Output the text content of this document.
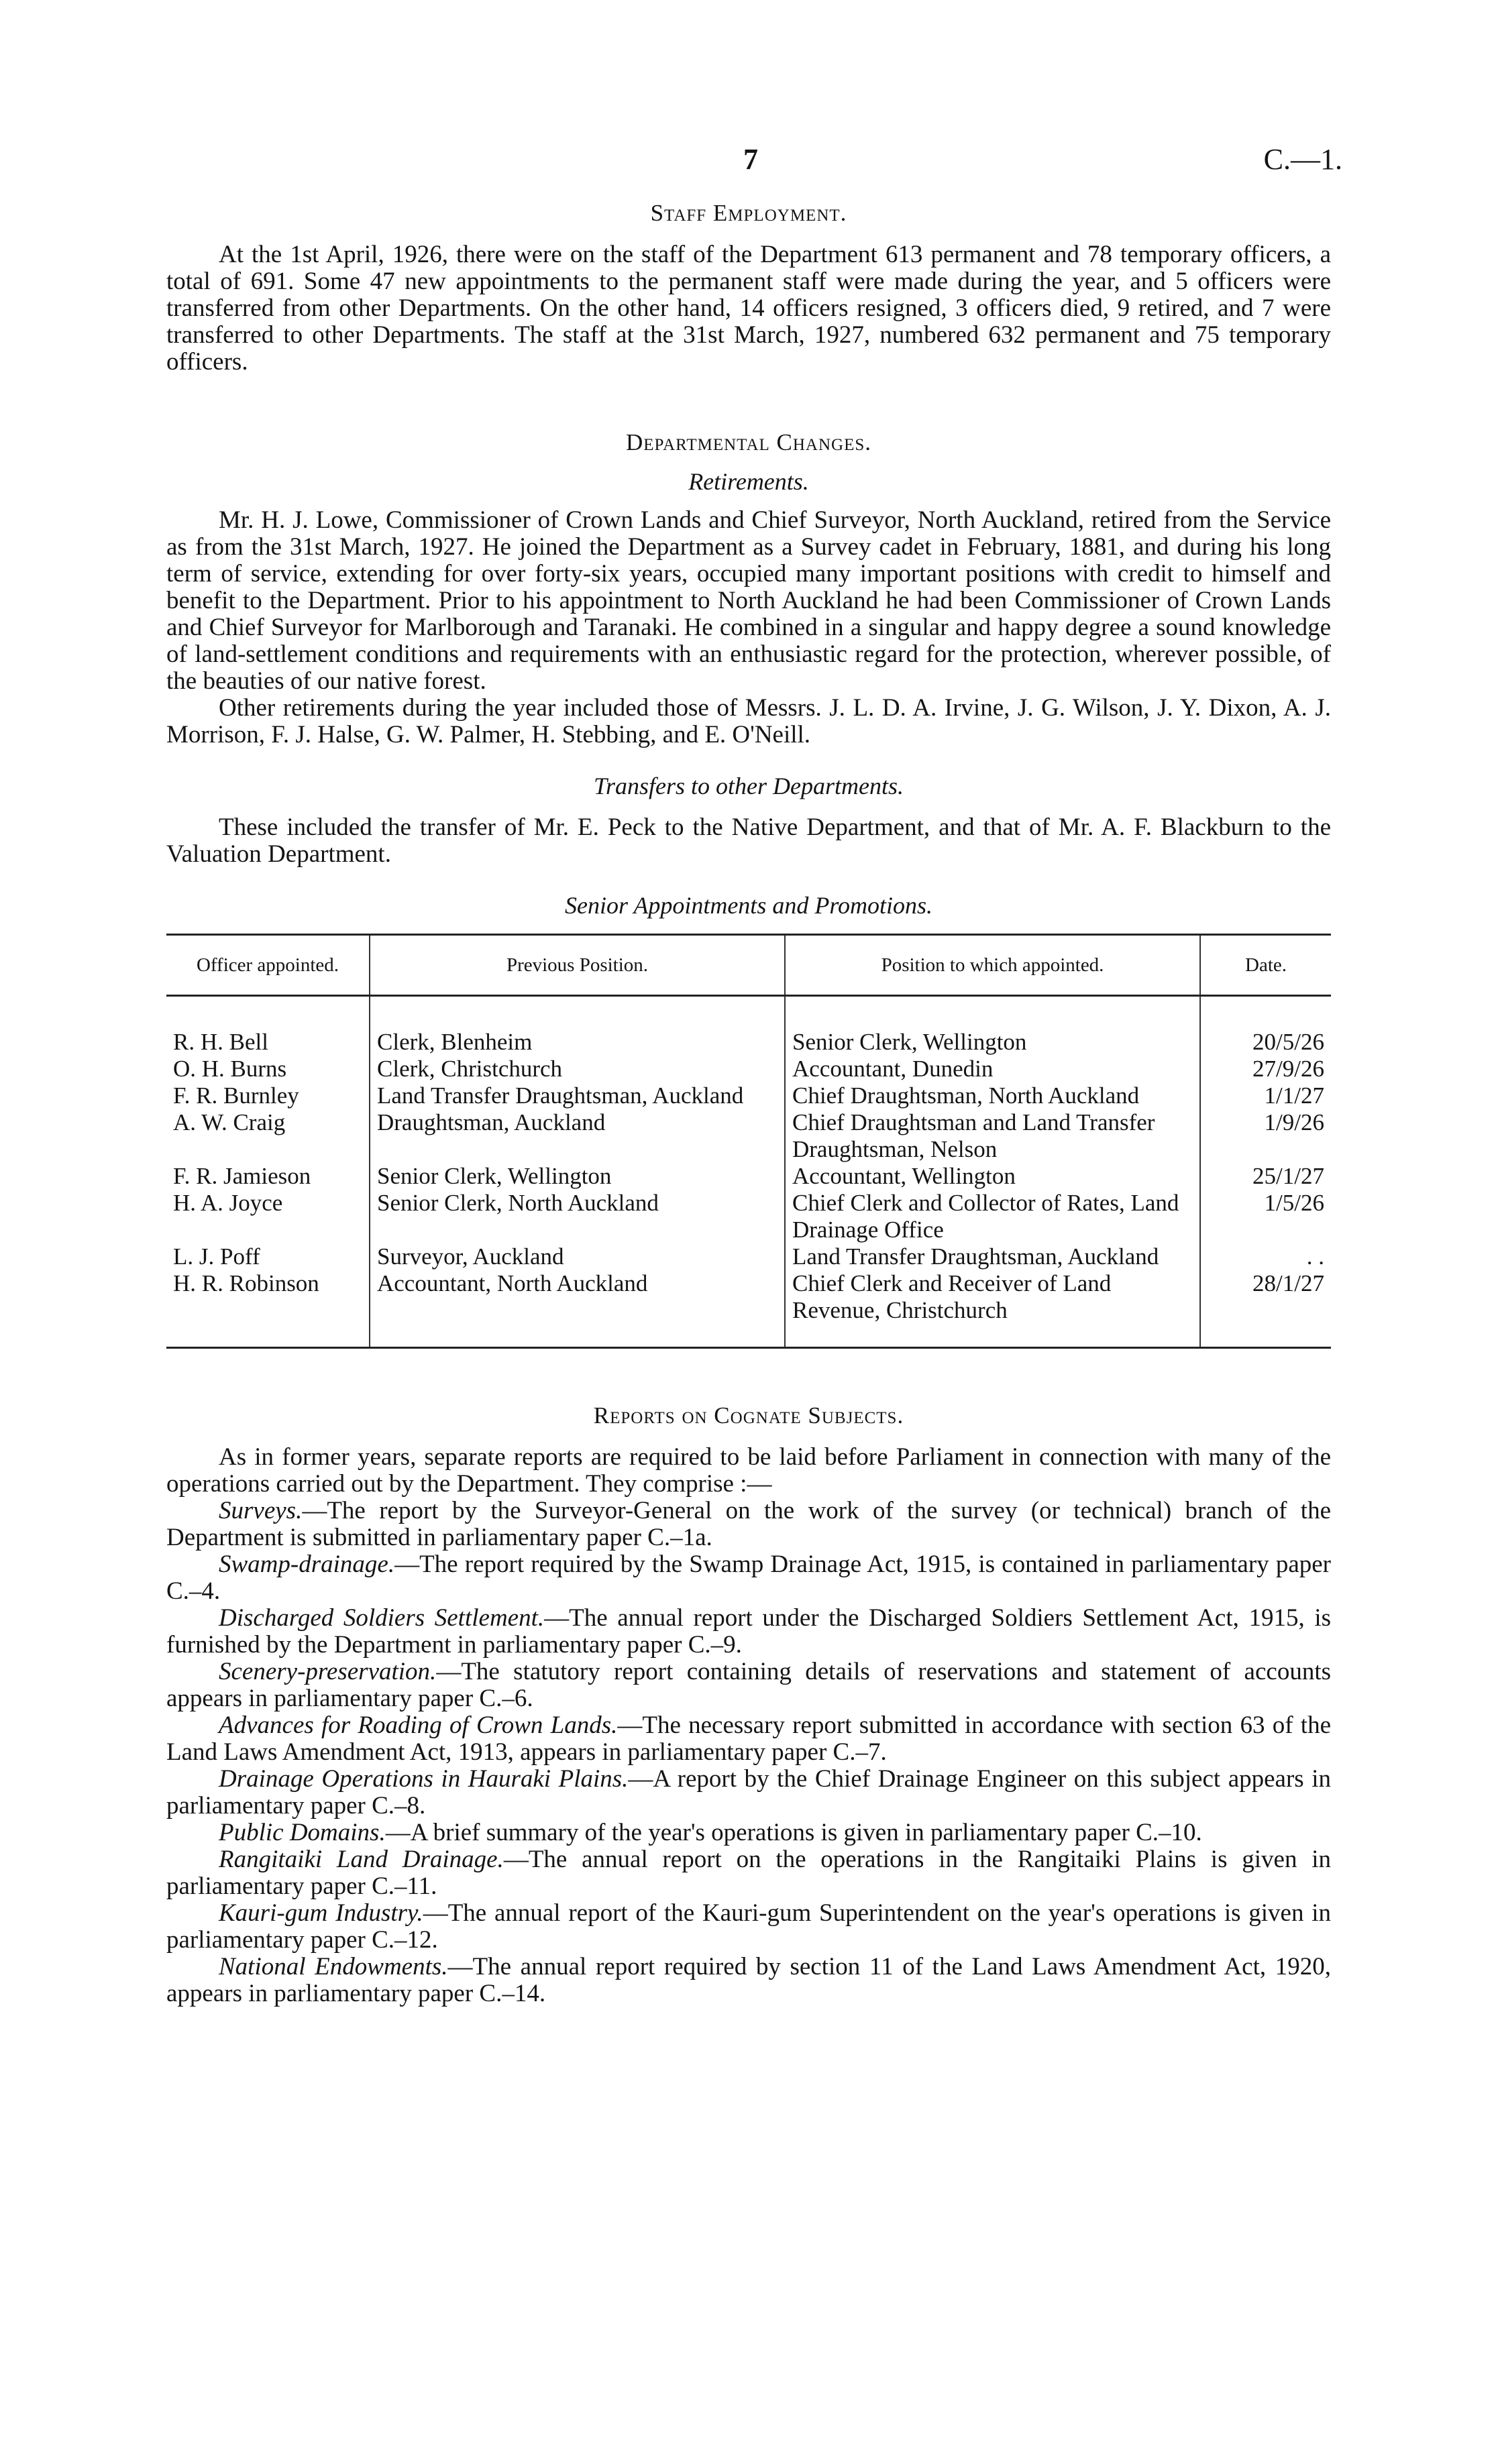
7	C.—1.
Staff Employment.

At the 1st April, 1926, there were on the staff of the Department 613 permanent and 78 temporary officers, a total of 691. Some 47 new appointments to the permanent staff were made during the year, and 5 officers were transferred from other Departments. On the other hand, 14 officers resigned, 3 officers died, 9 retired, and 7 were transferred to other Departments. The staff at the 31st March, 1927, numbered 632 permanent and 75 temporary officers.

Departmental Changes.
Retirements.

Mr. H. J. Lowe, Commissioner of Crown Lands and Chief Surveyor, North Auckland, retired from the Service as from the 31st March, 1927. He joined the Department as a Survey cadet in February, 1881, and during his long term of service, extending for over forty-six years, occupied many important positions with credit to himself and benefit to the Department. Prior to his appointment to North Auckland he had been Commissioner of Crown Lands and Chief Surveyor for Marlborough and Taranaki. He combined in a singular and happy degree a sound knowledge of land-settlement conditions and requirements with an enthusiastic regard for the protection, wherever possible, of the beauties of our native forest.

Other retirements during the year included those of Messrs. J. L. D. A. Irvine, J. G. Wilson, J. Y. Dixon, A. J. Morrison, F. J. Halse, G. W. Palmer, H. Stebbing, and E. O'Neill.

Transfers to other Departments.

These included the transfer of Mr. E. Peck to the Native Department, and that of Mr. A. F. Blackburn to the Valuation Department.

Senior Appointments and Promotions.
Officer appointed.	Previous Position.	Position to which appointed.	Date.
R. H. Bell	Clerk, Blenheim	Senior Clerk, Wellington	20/5/26
O. H. Burns	Clerk, Christchurch	Accountant, Dunedin	27/9/26
F. R. Burnley	Land Transfer Draughtsman, Auckland	Chief Draughtsman, North Auckland	1/1/27
A. W. Craig	Draughtsman, Auckland	Chief Draughtsman and Land Transfer Draughtsman, Nelson	1/9/26
F. R. Jamieson	Senior Clerk, Wellington	Accountant, Wellington	25/1/27
H. A. Joyce	Senior Clerk, North Auckland	Chief Clerk and Collector of Rates, Land Drainage Office	1/5/26
L. J. Poff	Surveyor, Auckland	Land Transfer Draughtsman, Auckland	. .
H. R. Robinson	Accountant, North Auckland	Chief Clerk and Receiver of Land Revenue, Christchurch	28/1/27
Reports on Cognate Subjects.

As in former years, separate reports are required to be laid before Parliament in connection with many of the operations carried out by the Department. They comprise :—

Surveys.—The report by the Surveyor-General on the work of the survey (or technical) branch of the Department is submitted in parliamentary paper C.–1a.

Swamp-drainage.—The report required by the Swamp Drainage Act, 1915, is contained in parliamentary paper C.–4.

Discharged Soldiers Settlement.—The annual report under the Discharged Soldiers Settlement Act, 1915, is furnished by the Department in parliamentary paper C.–9.

Scenery-preservation.—The statutory report containing details of reservations and statement of accounts appears in parliamentary paper C.–6.

Advances for Roading of Crown Lands.—The necessary report submitted in accordance with section 63 of the Land Laws Amendment Act, 1913, appears in parliamentary paper C.–7.

Drainage Operations in Hauraki Plains.—A report by the Chief Drainage Engineer on this subject appears in parliamentary paper C.–8.

Public Domains.—A brief summary of the year's operations is given in parliamentary paper C.–10.

Rangitaiki Land Drainage.—The annual report on the operations in the Rangitaiki Plains is given in parliamentary paper C.–11.

Kauri-gum Industry.—The annual report of the Kauri-gum Superintendent on the year's operations is given in parliamentary paper C.–12.

National Endowments.—The annual report required by section 11 of the Land Laws Amendment Act, 1920, appears in parliamentary paper C.–14.
